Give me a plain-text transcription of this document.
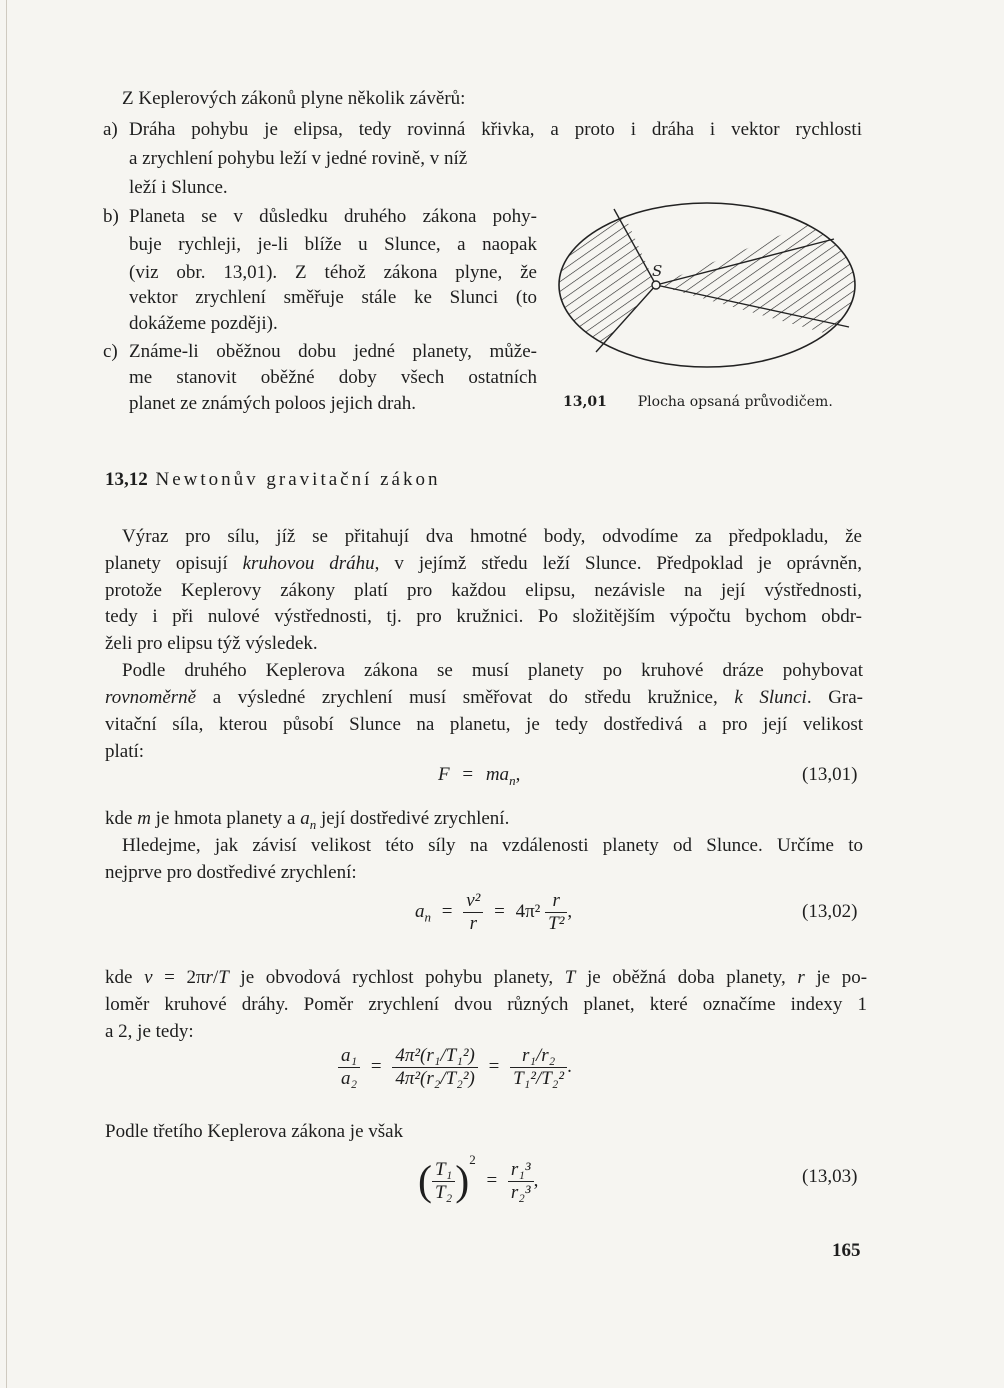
Z Keplerových zákonů plyne několik závěrů:
a) Dráha pohybu je elipsa, tedy rovinná křivka, a proto i dráha i vektor rychlosti
a zrychlení pohybu leží v jedné rovině, v níž
leží i Slunce.
b) Planeta se v důsledku druhého zákona pohy-
buje rychleji, je-li blíže u Slunce, a naopak
(viz obr. 13,01). Z téhož zákona plyne, že
vektor zrychlení směřuje stále ke Slunci (to
dokážeme později).
c) Známe-li oběžnou dobu jedné planety, může-
me stanovit oběžné doby všech ostatních
planet ze známých poloos jejich drah.
S
13,01 Plocha opsaná průvodičem.
13,12 Newtonův gravitační zákon
Výraz pro sílu, jíž se přitahují dva hmotné body, odvodíme za předpokladu, že
planety opisují kruhovou dráhu, v jejímž středu leží Slunce. Předpoklad je oprávněn,
protože Keplerovy zákony platí pro každou elipsu, nezávisle na její výstřednosti,
tedy i při nulové výstřednosti, tj. pro kružnici. Po složitějším výpočtu bychom obdr-
želi pro elipsu týž výsledek.
Podle druhého Keplerova zákona se musí planety po kruhové dráze pohybovat
rovnoměrně a výsledné zrychlení musí směřovat do středu kružnice, k Slunci. Gra-
vitační síla, kterou působí Slunce na planetu, je tedy dostředivá a pro její velikost
platí:
$F = ma_n$,	(13,01)
kde m je hmota planety a $a_n$ její dostředivé zrychlení.
Hledejme, jak závisí velikost této síly na vzdálenosti planety od Slunce. Určíme to
nejprve pro dostředivé zrychlení:
$a_n = \frac{\text{v²}}{r} = 4\pi^2 \frac{r}{\text{T²}}$ ,	(13,02)
kde v = 2πr/T je obvodová rychlost pohybu planety, T je oběžná doba planety, r je po-
loměr kruhové dráhy. Poměr zrychlení dvou různých planet, které označíme indexy 1
a 2, je tedy:
$\frac{\text{a₁}}{\text{a₂}} = \frac{\text{4π²(r₁/T₁²)}}{\text{4π²(r₂/T₂²)}} = \frac{\text{r₁/r₂}}{\text{T₁²/T₂²}}$ .
Podle třetího Keplerova zákona je však
( $\frac{\text{T₁}}{\text{T₂}} )^2 = \frac{\text{r₁³}}{\text{r₂³}}$ ,	(13,03)
165
